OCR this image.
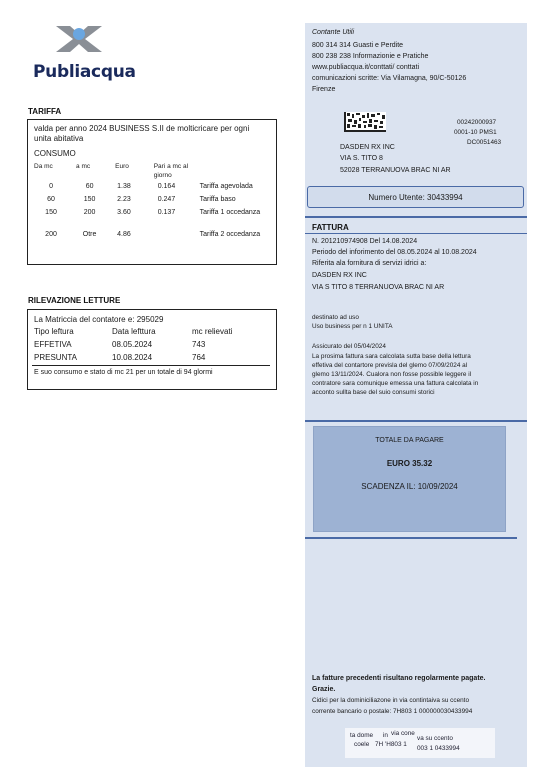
Publiacqua
TARIFFA
valda per anno 2024 BUSINESS S.II de molticricare per ogni unita abitativa
CONSUMO
Da mc	a mc	Euro	Pari a mc al giorno	
0	60	1.38	0.164	Tariffa agevolada
60	150	2.23	0.247	Tariffa baso
150	200	3.60	0.137	Tariffa 1 occedanza
200	Otre	4.86		Tariffa 2 occedanza
RILEVAZIONE LETTURE
La Matriccia del contatore e: 295029
Tipo leftura	Data lefttura	mc relievati
EFFETIVA	08.05.2024	743
PRESUNTA	10.08.2024	764
E suo consumo e stato di mc 21 per un totale di 94 glormi
Contante Utili
800 314 314 Guasti e Perdite
800 238 238 Informazionie e Pratiche
www.publiacqua.it/conttati/ conttati
comunicazioni scritte: Via Vilamagna, 90/C-50126
Firenze
00242000937
0001-10 PMS1
DC0051463
DASDEN RX INC
VIA S. TITO 8
52028 TERRANUOVA BRAC NI AR
Numero Utente: 30433994
FATTURA
N. 201210974908 Del 14.08.2024
Periodo del inforimento del 08.05.2024 al 10.08.2024
Riferita ala fornitura di servizi idrici a:
DASDEN RX INC
VIA S TITO 8 TERRANUOVA BRAC NI AR
destinato ad uso
Uso business per n 1 UNITA
Assicurato del 05/04/2024
La prosima fattura sara calcolata sutta base della lettura
effetiva del contartore previsla del glemo 07/09/2024 al
glemo 13/11/2024. Cualora non fosse possible leggere il
contratore sara comunique emessa una fattura calcolata in
acconto sullta base del suio consumi storici
TOTALE DA PAGARE
EURO 35.32
SCADENZA IL: 10/09/2024
La fatture precedenti risultano regolarmente pagate.
Grazie.
Cidici per la dominiciliazone in via contintaiva su ccento
corrente bancario o postale: 7H803 1 000000030433994
ta dome in via cone
coele 7H 'H803 1
va su ccento
003 1 0433994
